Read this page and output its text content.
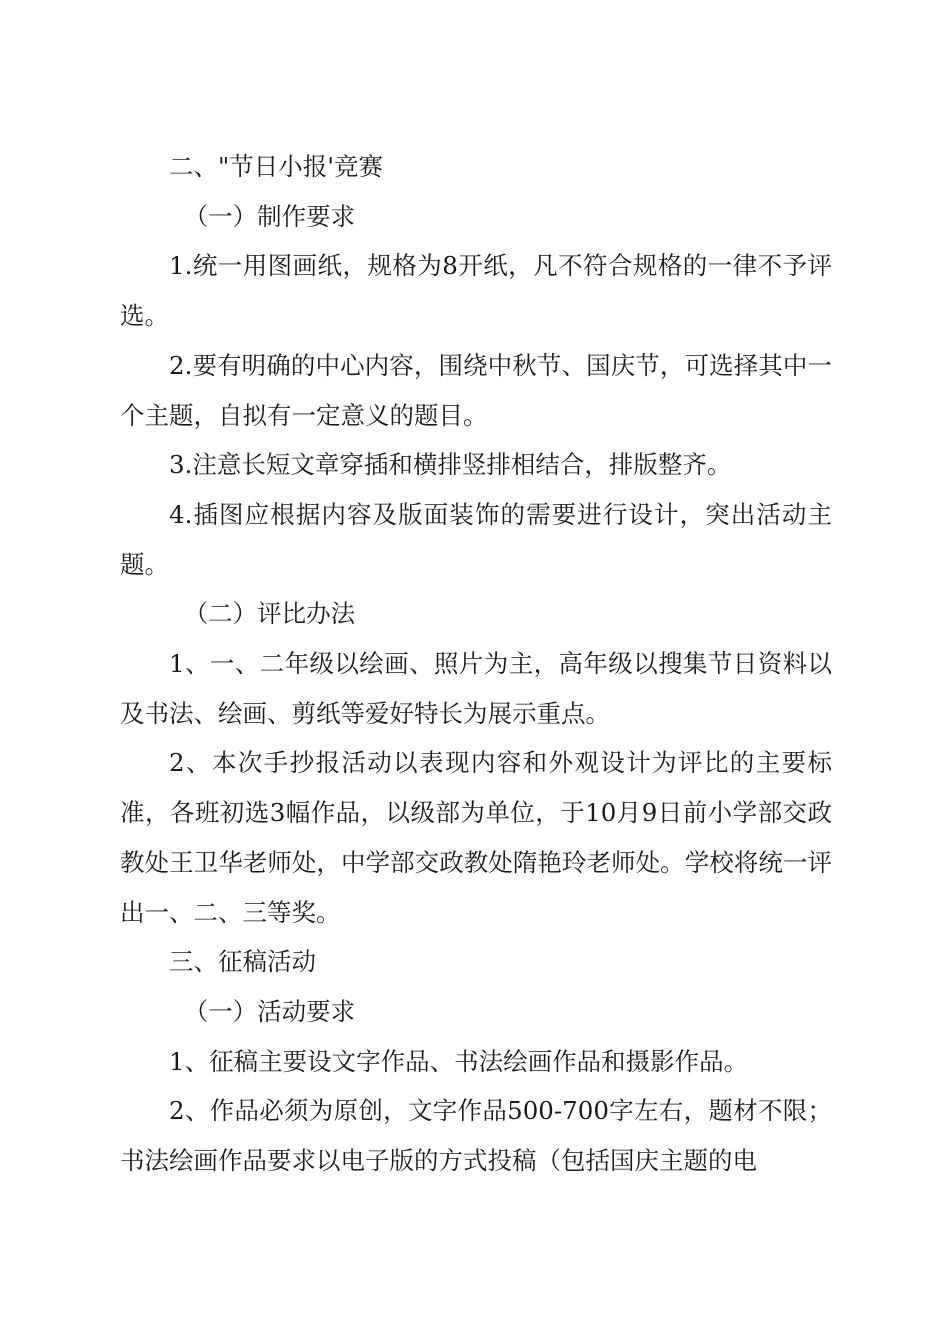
二、"节日小报'竞赛

（一）制作要求

1.统一用图画纸，规格为8开纸，凡不符合规格的一律不予评选。

2.要有明确的中心内容，围绕中秋节、国庆节，可选择其中一个主题，自拟有一定意义的题目。

3.注意长短文章穿插和横排竖排相结合，排版整齐。

4.插图应根据内容及版面装饰的需要进行设计，突出活动主题。

（二）评比办法

1、一、二年级以绘画、照片为主，高年级以搜集节日资料以及书法、绘画、剪纸等爱好特长为展示重点。

2、本次手抄报活动以表现内容和外观设计为评比的主要标准，各班初选3幅作品，以级部为单位，于10月9日前小学部交政教处王卫华老师处，中学部交政教处隋艳玲老师处。学校将统一评出一、二、三等奖。

三、征稿活动

（一）活动要求

1、征稿主要设文字作品、书法绘画作品和摄影作品。

2、作品必须为原创，文字作品500-700字左右，题材不限；书法绘画作品要求以电子版的方式投稿（包括国庆主题的电
